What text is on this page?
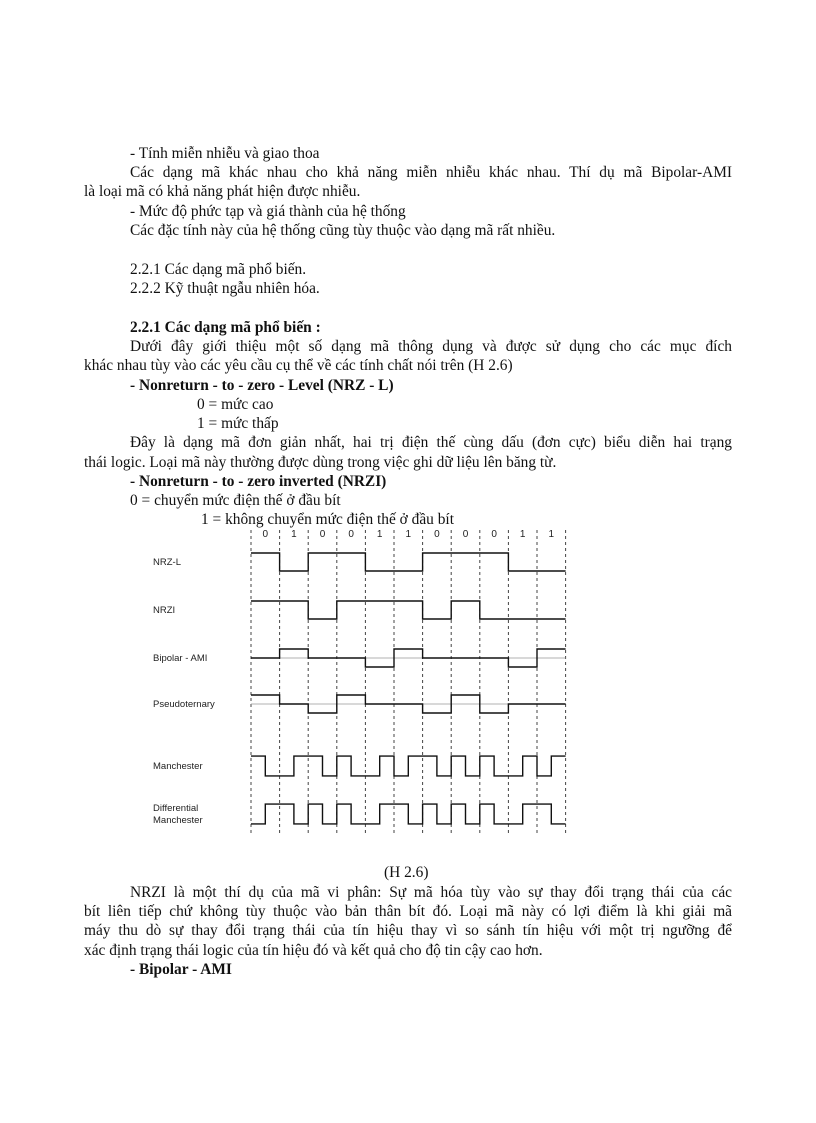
- Tính miễn nhiễu và giao thoa
Các dạng mã khác nhau cho khả năng miễn nhiễu khác nhau. Thí dụ mã Bipolar-AMI
là loại mã có khả năng phát hiện được nhiễu.
- Mức độ phức tạp và giá thành của hệ thống
Các đặc tính này của hệ thống cũng tùy thuộc vào dạng mã rất nhiều.
2.2.1 Các dạng mã phổ biến.
2.2.2 Kỹ thuật ngẫu nhiên hóa.
2.2.1 Các dạng mã phổ biến :
Dưới đây giới thiệu một số dạng mã thông dụng và được sử dụng cho các mục đích
khác nhau tùy vào các yêu cầu cụ thể về các tính chất nói trên (H 2.6)
- Nonreturn - to - zero - Level (NRZ - L)
0 = mức cao
1 = mức thấp
Đây là dạng mã đơn giản nhất, hai trị điện thế cùng dấu (đơn cực) biểu diễn hai trạng
thái logic. Loại mã này thường được dùng trong việc ghi dữ liệu lên băng từ.
- Nonreturn - to - zero inverted (NRZI)
0 = chuyển mức điện thế ở đầu bít
1 = không chuyển mức điện thế ở đầu bít
0 1 0 0 1 1 0 0 0 1 1
NRZ-L
NRZI
Bipolar - AMI
Pseudoternary
Manchester
Differential
Manchester
(H 2.6)
NRZI là một thí dụ của mã vi phân: Sự mã hóa tùy vào sự thay đổi trạng thái của các
bít liên tiếp chứ không tùy thuộc vào bản thân bít đó. Loại mã này có lợi điểm là khi giải mã
máy thu dò sự thay đổi trạng thái của tín hiệu thay vì so sánh tín hiệu với một trị ngưỡng để
xác định trạng thái logic của tín hiệu đó và kết quả cho độ tin cậy cao hơn.
- Bipolar - AMI
